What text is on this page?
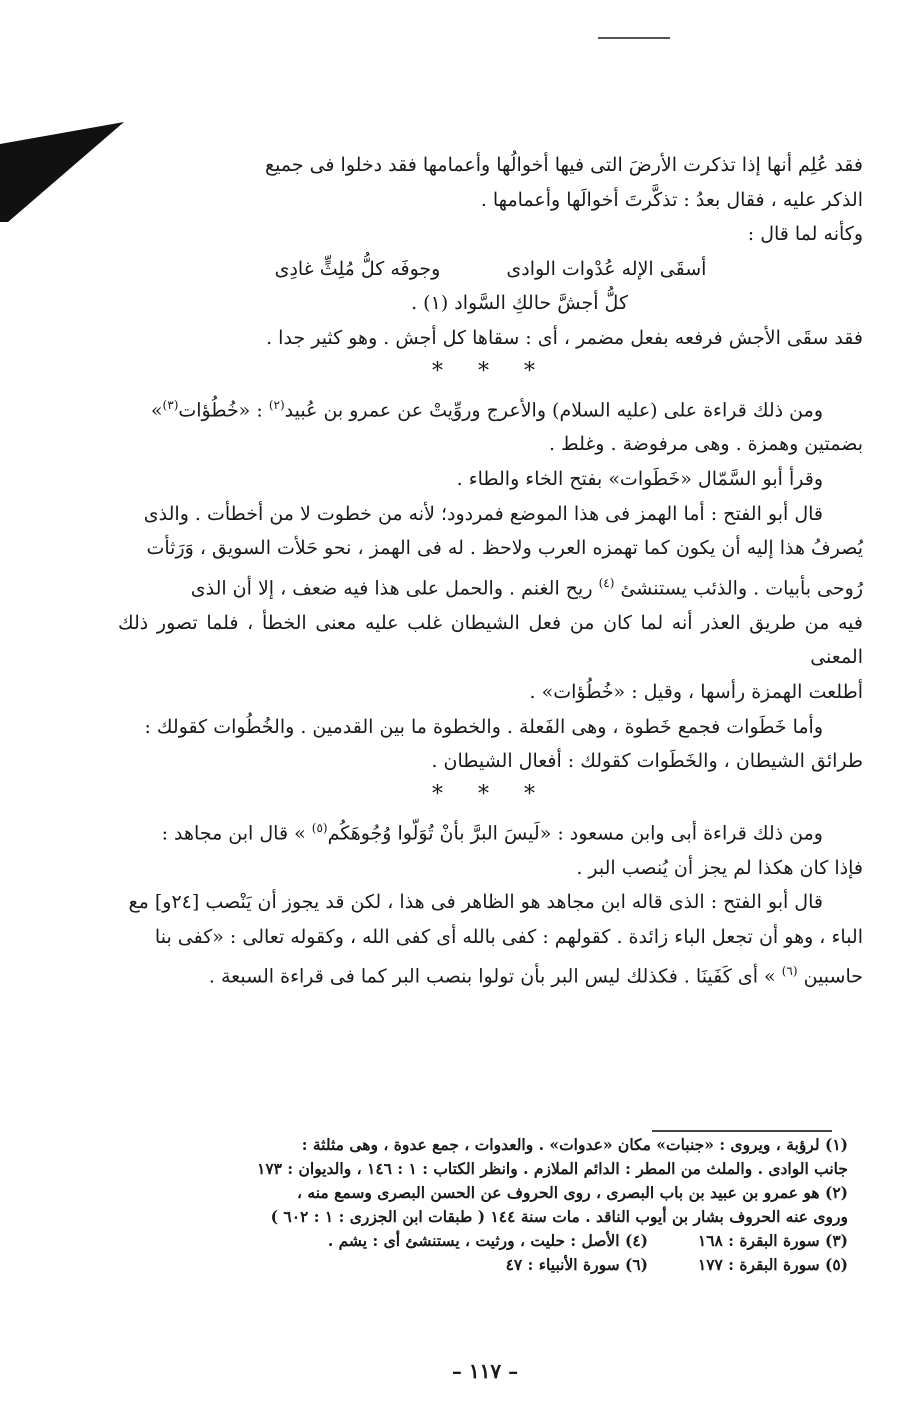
فقد عُلِم أنها إذا تذكرت الأرضَ التى فيها أخوالُها وأعمامها فقد دخلوا فى جميع

الذكر عليه ، فقال بعدُ : تذكَّرتَ أخوالَها وأعمامها .

وكأنه لما قال :

أسقَى الإله عُدْوات الوادى وجوفَه كلُّ مُلِثٍّ غادِى

كلُّ أجشَّ حالكِ السَّواد (١) .

فقد سقَى الأجش فرفعه بفعل مضمر ، أى : سقاها كل أجش . وهو كثير جدا .

* * *

ومن ذلك قراءة على (عليه السلام) والأعرج وروِّيتْ عن عمرو بن عُبيد$^{(٢)}$ : «خُطُؤات$^{(٣)}$»

بضمتين وهمزة . وهى مرفوضة . وغلط .

وقرأ أبو السَّمّال «خَطَوات» بفتح الخاء والطاء .

قال أبو الفتح : أما الهمز فى هذا الموضع فمردود؛ لأنه من خطوت لا من أخطأت . والذى

يُصرفُ هذا إليه أن يكون كما تهمزه العرب ولاحظ . له فى الهمز ، نحو حَلأت السويق ، وَرَثأت

رُوحى بأبيات . والذئب يستنشئ $^{(٤)}$ ريح الغنم . والحمل على هذا فيه ضعف ، إلا أن الذى

فيه من طريق العذر أنه لما كان من فعل الشيطان غلب عليه معنى الخطأ ، فلما تصور ذلك المعنى

أطلعت الهمزة رأسها ، وقيل : «خُطُؤات» .

وأما خَطَوات فجمع خَطوة ، وهى الفَعلة . والخطوة ما بين القدمين . والخُطُوات كقولك :

طرائق الشيطان ، والخَطَوات كقولك : أفعال الشيطان .

* * *

ومن ذلك قراءة أبى وابن مسعود : «لَيسَ البرَّ بأنْ تُوَلّوا وُجُوهَكُم$^{(٥)}$ » قال ابن مجاهد :

فإذا كان هكذا لم يجز أن يُنصب البر .

قال أبو الفتح : الذى قاله ابن مجاهد هو الظاهر فى هذا ، لكن قد يجوز أن يَنْصب [٢٤و] مع

الباء ، وهو أن تجعل الباء زائدة . كقولهم : كفى بالله أى كفى الله ، وكقوله تعالى : «كفى بنا

حاسبين $^{(٦)}$ » أى كَفَينَا . فكذلك ليس البر بأن تولوا بنصب البر كما فى قراءة السبعة .

(١) لرؤبة ، ويروى : «جنبات» مكان «عدوات» . والعدوات ، جمع عدوة ، وهى مثلثة :

جانب الوادى . والملث من المطر : الدائم الملازم . وانظر الكتاب : ١ : ١٤٦ ، والديوان : ١٧٣

(٢) هو عمرو بن عبيد بن باب البصرى ، روى الحروف عن الحسن البصرى وسمع منه ،

وروى عنه الحروف بشار بن أيوب الناقد . مات سنة ١٤٤ ( طبقات ابن الجزرى : ١ : ٦٠٢ )

(٣) سورة البقرة : ١٦٨
(٤) الأصل : حليت ، ورثيت ، يستنشئ أى : يشم .
(٥) سورة البقرة : ١٧٧
(٦) سورة الأنبياء : ٤٧
– ١١٧ –
